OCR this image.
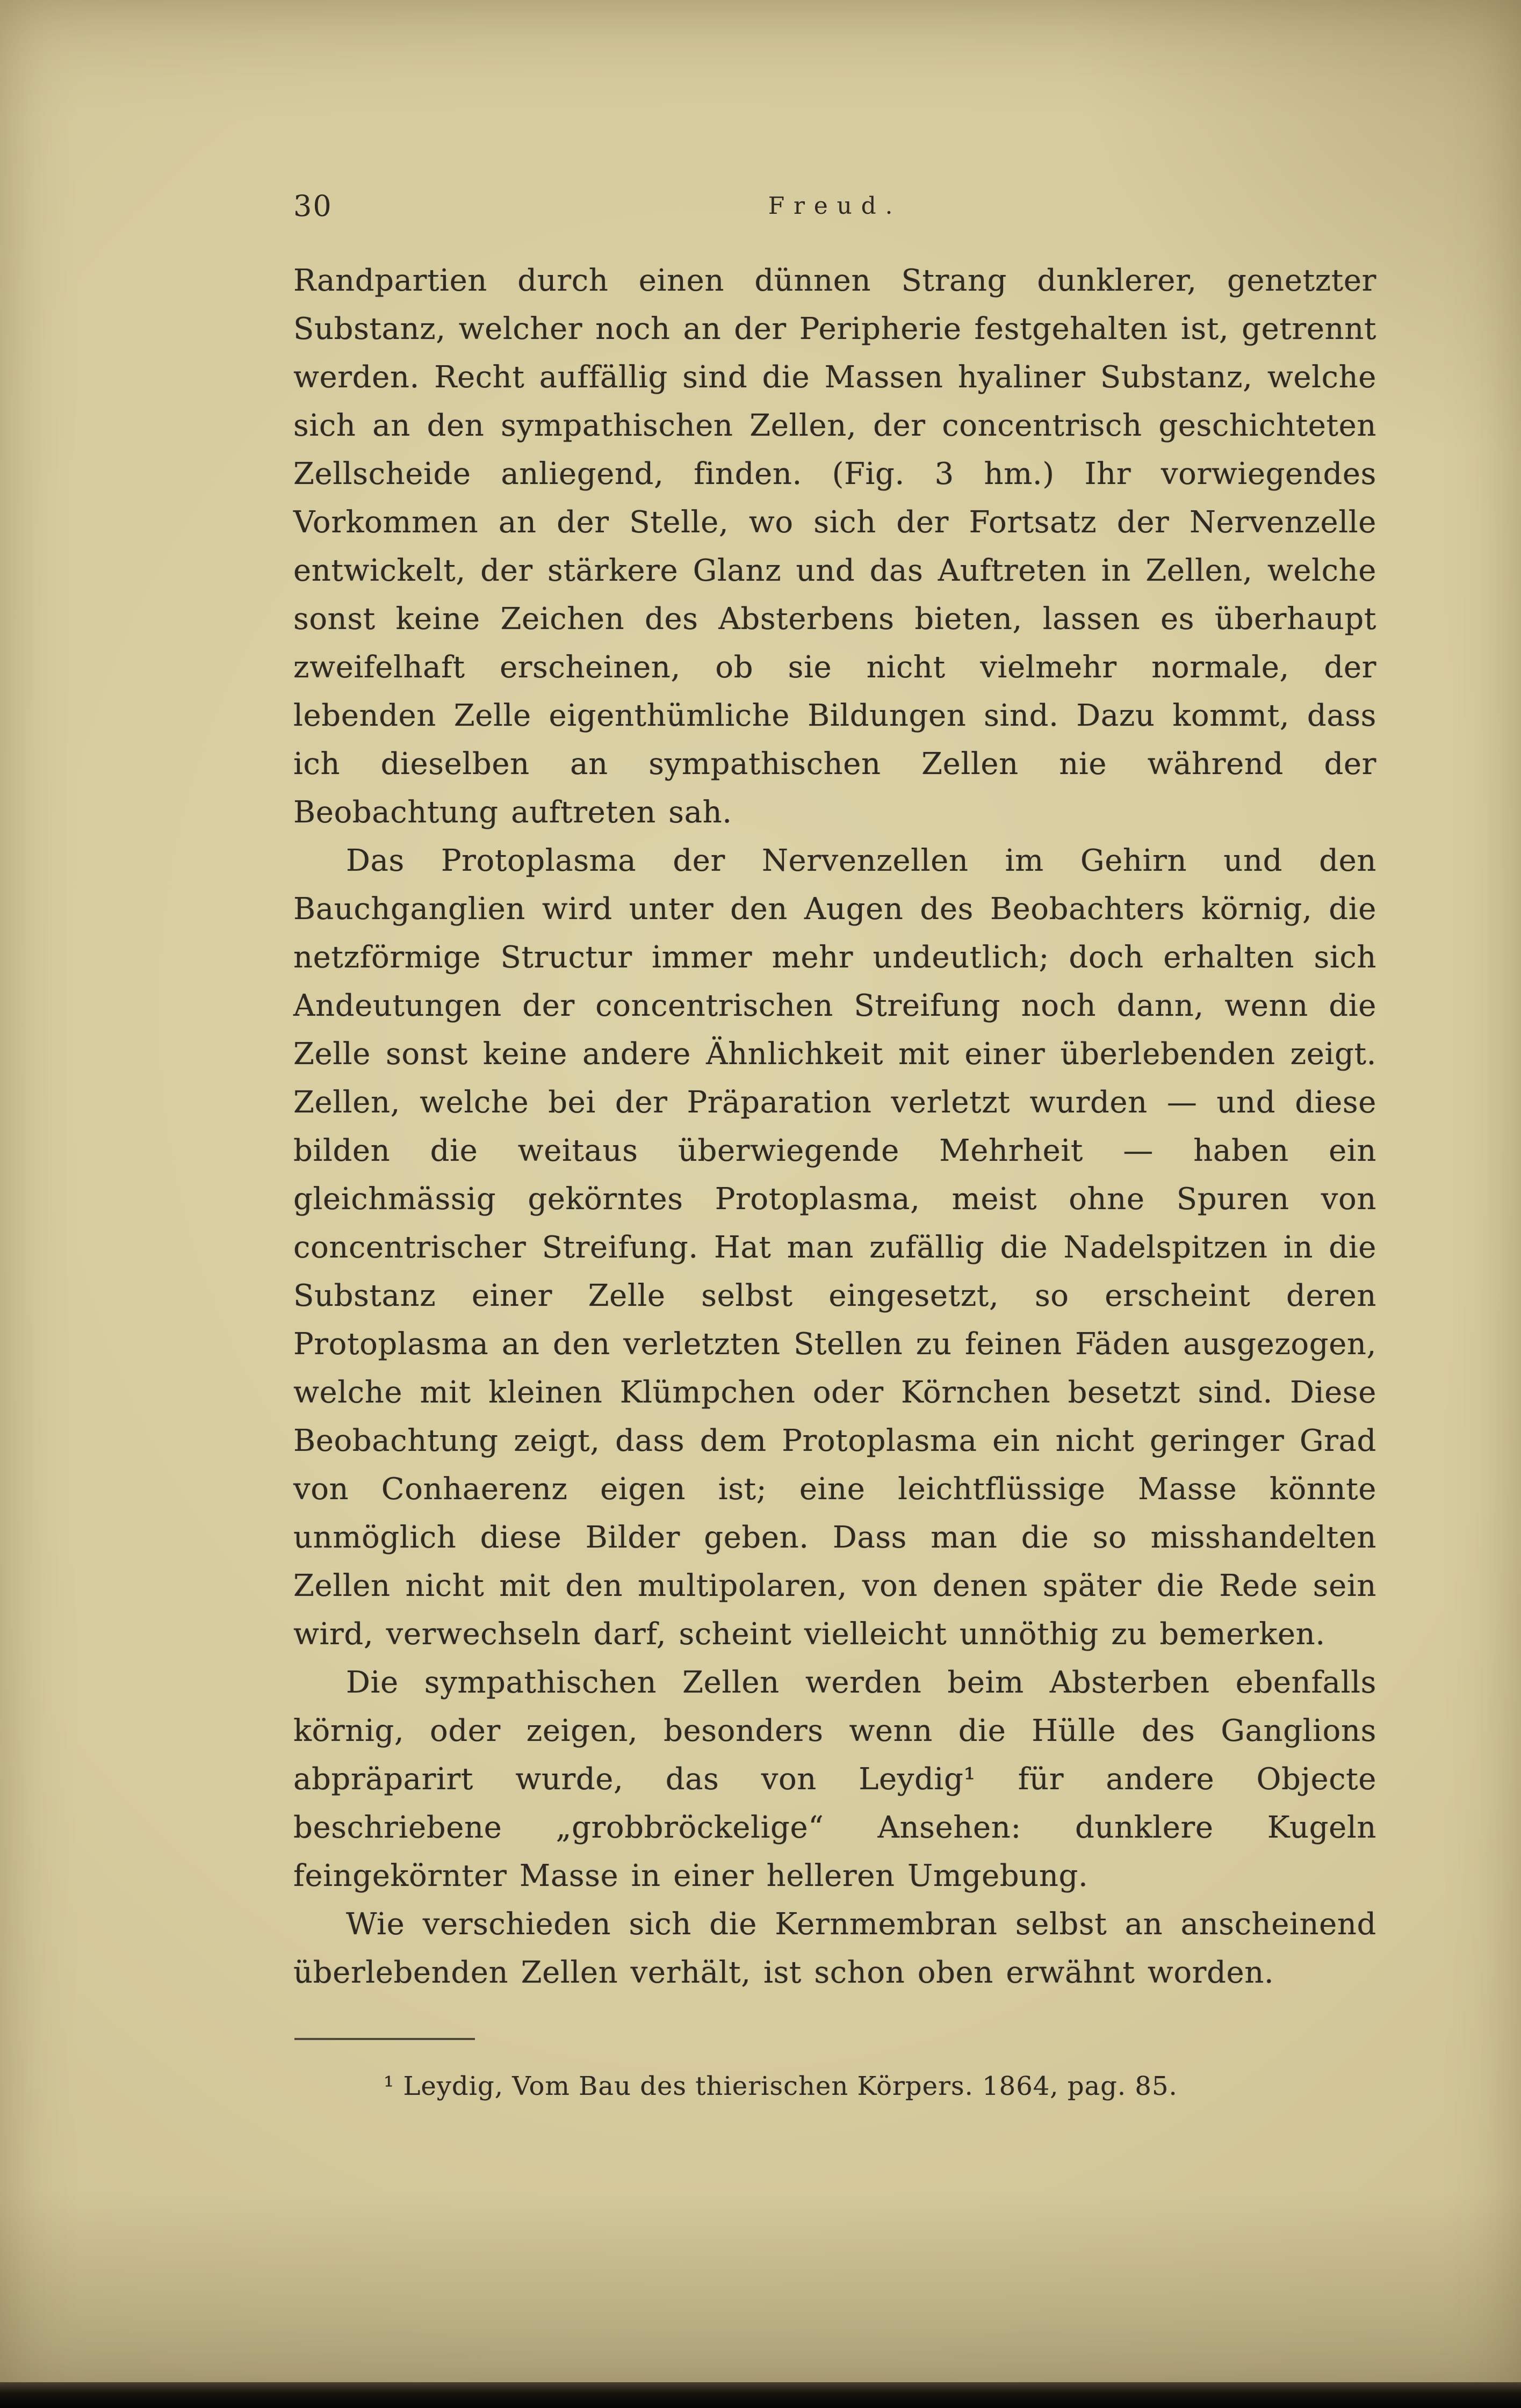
30	Freud.

Randpartien durch einen dünnen Strang dunklerer, genetzter Substanz, welcher noch an der Peripherie festgehalten ist, getrennt werden. Recht auffällig sind die Massen hyaliner Substanz, welche sich an den sympathischen Zellen, der concentrisch geschichteten Zellscheide anliegend, finden. (Fig. 3 hm.) Ihr vorwiegendes Vorkommen an der Stelle, wo sich der Fortsatz der Nervenzelle entwickelt, der stärkere Glanz und das Auftreten in Zellen, welche sonst keine Zeichen des Absterbens bieten, lassen es überhaupt zweifelhaft erscheinen, ob sie nicht vielmehr normale, der lebenden Zelle eigenthümliche Bildungen sind. Dazu kommt, dass ich dieselben an sympathischen Zellen nie während der Beobachtung auftreten sah.

Das Protoplasma der Nervenzellen im Gehirn und den Bauchganglien wird unter den Augen des Beobachters körnig, die netzförmige Structur immer mehr undeutlich; doch erhalten sich Andeutungen der concentrischen Streifung noch dann, wenn die Zelle sonst keine andere Ähnlichkeit mit einer überlebenden zeigt. Zellen, welche bei der Präparation verletzt wurden — und diese bilden die weitaus überwiegende Mehrheit — haben ein gleichmässig gekörntes Protoplasma, meist ohne Spuren von concentrischer Streifung. Hat man zufällig die Nadelspitzen in die Substanz einer Zelle selbst eingesetzt, so erscheint deren Protoplasma an den verletzten Stellen zu feinen Fäden ausgezogen, welche mit kleinen Klümpchen oder Körnchen besetzt sind. Diese Beobachtung zeigt, dass dem Protoplasma ein nicht geringer Grad von Conhaerenz eigen ist; eine leichtflüssige Masse könnte unmöglich diese Bilder geben. Dass man die so misshandelten Zellen nicht mit den multipolaren, von denen später die Rede sein wird, verwechseln darf, scheint vielleicht unnöthig zu bemerken.

Die sympathischen Zellen werden beim Absterben ebenfalls körnig, oder zeigen, besonders wenn die Hülle des Ganglions abpräparirt wurde, das von Leydig¹ für andere Objecte beschriebene „grobbröckelige“ Ansehen: dunklere Kugeln feingekörnter Masse in einer helleren Umgebung.

Wie verschieden sich die Kernmembran selbst an anscheinend überlebenden Zellen verhält, ist schon oben erwähnt worden.

¹ Leydig, Vom Bau des thierischen Körpers. 1864, pag. 85.
